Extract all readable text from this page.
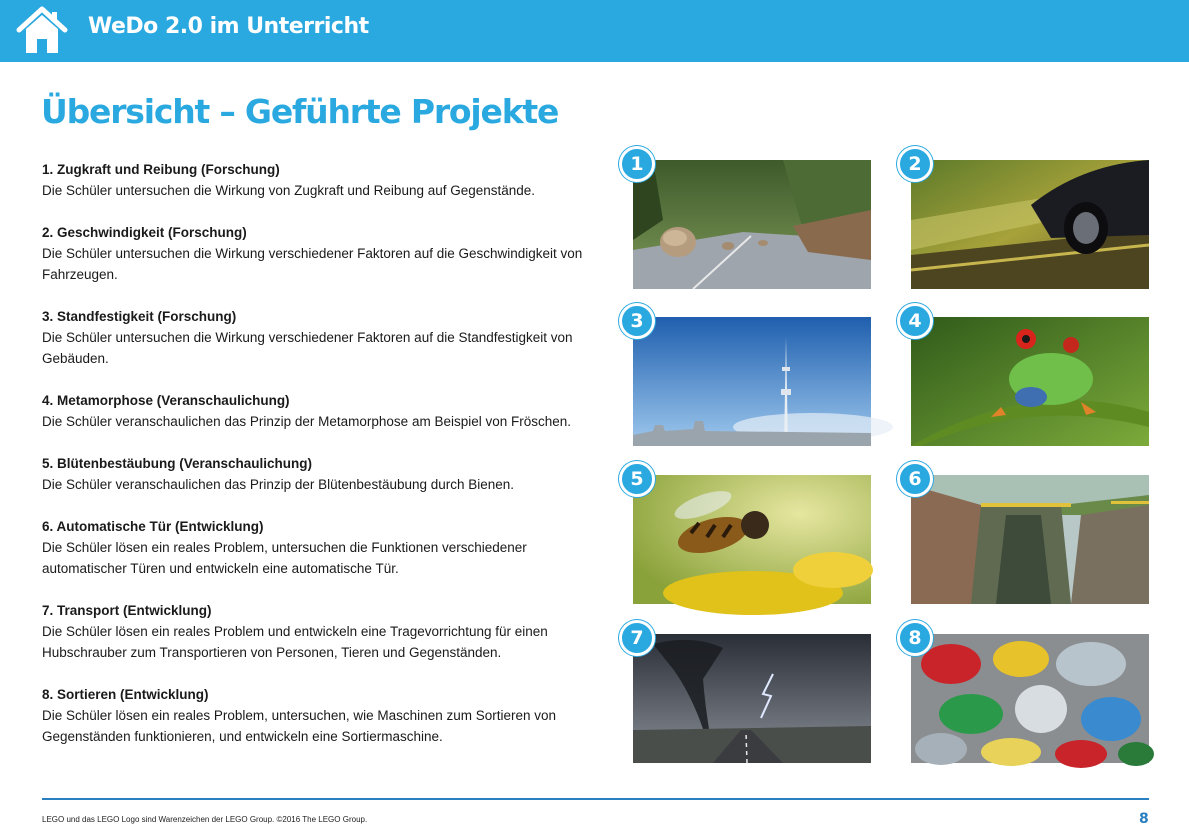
WeDo 2.0 im Unterricht
Übersicht – Geführte Projekte

1. Zugkraft und Reibung (Forschung)
Die Schüler untersuchen die Wirkung von Zugkraft und Reibung auf Gegenstände.

2. Geschwindigkeit (Forschung)
Die Schüler untersuchen die Wirkung verschiedener Faktoren auf die Geschwindigkeit von Fahrzeugen.

3. Standfestigkeit (Forschung)
Die Schüler untersuchen die Wirkung verschiedener Faktoren auf die Standfestigkeit von Gebäuden.

4. Metamorphose (Veranschaulichung)
Die Schüler veranschaulichen das Prinzip der Metamorphose am Beispiel von Fröschen.

5. Blütenbestäubung (Veranschaulichung)
Die Schüler veranschaulichen das Prinzip der Blütenbestäubung durch Bienen.

6. Automatische Tür (Entwicklung)
Die Schüler lösen ein reales Problem, untersuchen die Funktionen verschiedener automatischer Türen und entwickeln eine automatische Tür.

7. Transport (Entwicklung)
Die Schüler lösen ein reales Problem und entwickeln eine Tragevorrichtung für einen Hubschrauber zum Transportieren von Personen, Tieren und Gegenständen.

8. Sortieren (Entwicklung)
Die Schüler lösen ein reales Problem, untersuchen, wie Maschinen zum Sortieren von Gegenständen funktionieren, und entwickeln eine Sortiermaschine.

1	2
3	4
5	6
7	8
LEGO und das LEGO Logo sind Warenzeichen der LEGO Group. ©2016 The LEGO Group.	8
